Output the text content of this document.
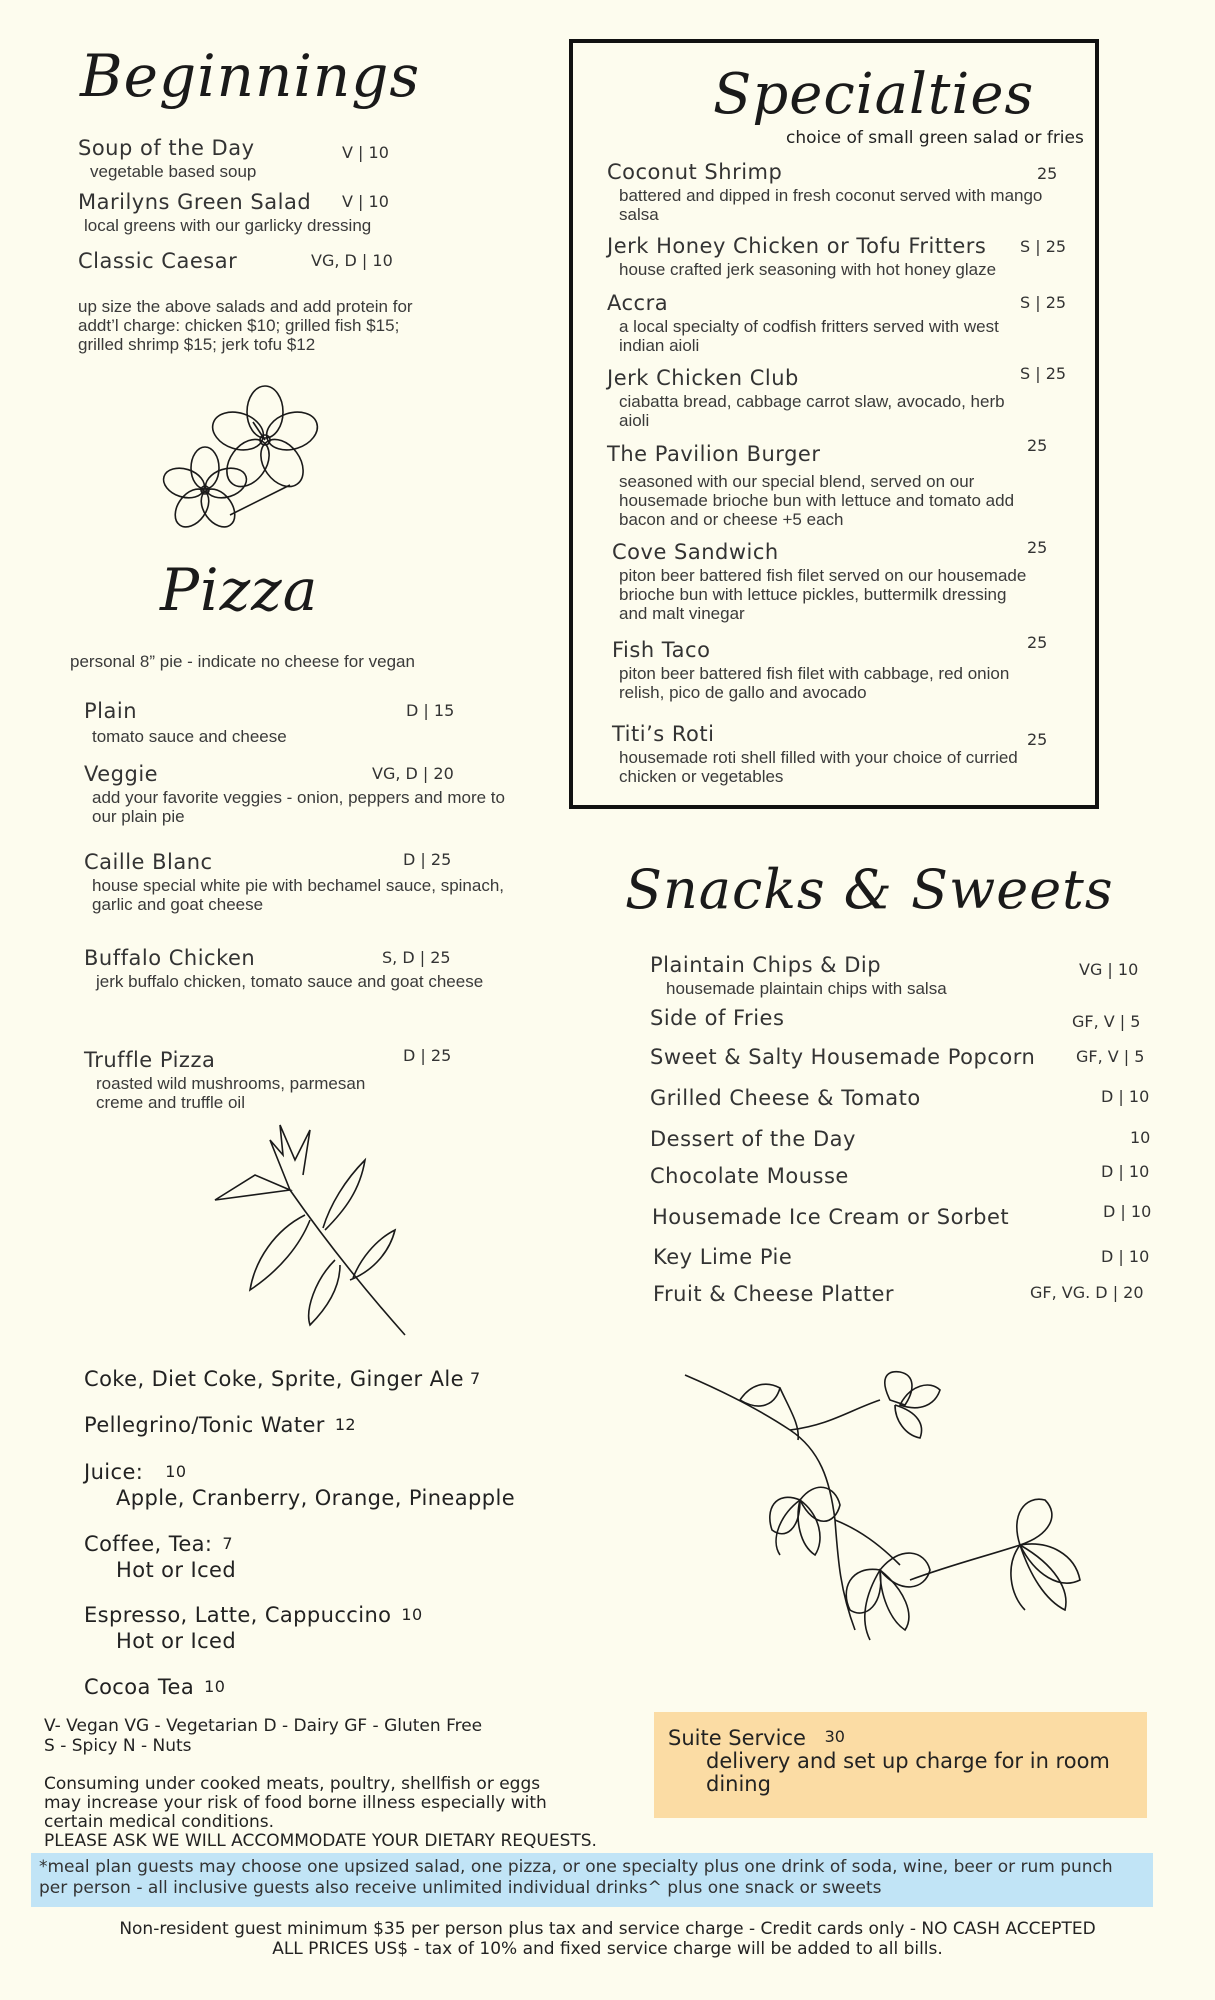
Beginnings
Soup of the Day
vegetable based soup
V | 10
Marilyns Green Salad
local greens with our garlicky dressing
V | 10
Classic Caesar	VG, D | 10
up size the above salads and add protein for addt’l charge: chicken $10; grilled fish $15; grilled shrimp $15; jerk tofu $12
Pizza
personal 8” pie - indicate no cheese for vegan
Plain
tomato sauce and cheese
D | 15
Veggie
add your favorite veggies - onion, peppers and more to our plain pie
VG, D | 20
Caille Blanc
house special white pie with bechamel sauce, spinach, garlic and goat cheese
D | 25
Buffalo Chicken
jerk buffalo chicken, tomato sauce and goat cheese
S, D | 25
Truffle Pizza
roasted wild mushrooms, parmesan creme and truffle oil
D | 25
Specialties
choice of small green salad or fries
Coconut Shrimp
battered and dipped in fresh coconut served with mango salsa
25
Jerk Honey Chicken or Tofu Fritters
house crafted jerk seasoning with hot honey glaze
S | 25
Accra
a local specialty of codfish fritters served with west indian aioli
S | 25
Jerk Chicken Club
ciabatta bread, cabbage carrot slaw, avocado, herb aioli
S | 25
The Pavilion Burger
seasoned with our special blend, served on our housemade brioche bun with lettuce and tomato add bacon and or cheese +5 each
25
Cove Sandwich
piton beer battered fish filet served on our housemade brioche bun with lettuce pickles, buttermilk dressing and malt vinegar
25
Fish Taco
piton beer battered fish filet with cabbage, red onion relish, pico de gallo and avocado
25
Titi’s Roti
housemade roti shell filled with your choice of curried chicken or vegetables
25
Snacks & Sweets
Plaintain Chips & Dip
housemade plaintain chips with salsa
VG | 10
Side of Fries	GF, V | 5
Sweet & Salty Housemade Popcorn	GF, V | 5
Grilled Cheese & Tomato	D | 10
Dessert of the Day	10
Chocolate Mousse	D | 10
Housemade Ice Cream or Sorbet	D | 10
Key Lime Pie	D | 10
Fruit & Cheese Platter	GF, VG. D | 20
Coke, Diet Coke, Sprite, Ginger Ale 7
Pellegrino/Tonic Water 12
Juice: 10
Apple, Cranberry, Orange, Pineapple
Coffee, Tea: 7
Hot or Iced
Espresso, Latte, Cappuccino 10
Hot or Iced
Cocoa Tea 10
V- Vegan VG - Vegetarian D - Dairy GF - Gluten Free
S - Spicy N - Nuts
Consuming under cooked meats, poultry, shellfish or eggs
may increase your risk of food borne illness especially with
certain medical conditions.
PLEASE ASK WE WILL ACCOMMODATE YOUR DIETARY REQUESTS.
Suite Service 30
delivery and set up charge for in room dining
*meal plan guests may choose one upsized salad, one pizza, or one specialty plus one drink of soda, wine, beer or rum punch per person - all inclusive guests also receive unlimited individual drinks^ plus one snack or sweets
Non-resident guest minimum $35 per person plus tax and service charge - Credit cards only - NO CASH ACCEPTED
ALL PRICES US$ - tax of 10% and fixed service charge will be added to all bills.
